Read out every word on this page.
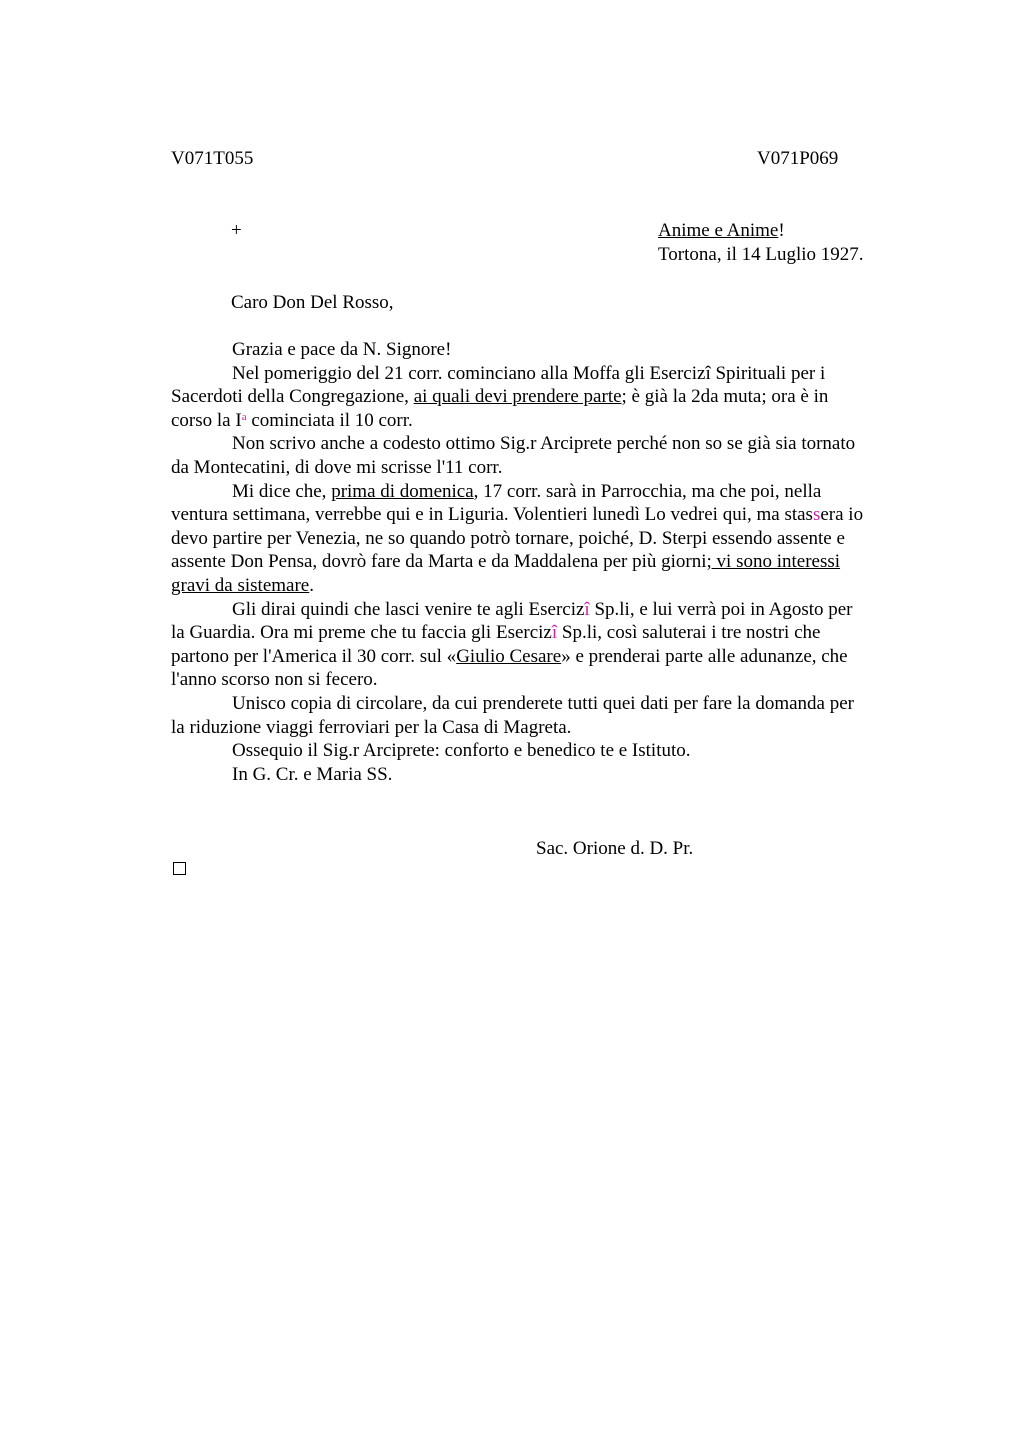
V071T055	V071P069
+	Anime e Anime!
Tortona, il 14 Luglio 1927.
Caro Don Del Rosso,

Grazia e pace da N. Signore!

Nel pomeriggio del 21 corr. cominciano alla Moffa gli Esercizî Spirituali per i
Sacerdoti della Congregazione, ai quali devi prendere parte; è già la 2da muta; ora è in
corso la $I^a$ cominciata il 10 corr.

Non scrivo anche a codesto ottimo Sig.r Arciprete perché non so se già sia tornato
da Montecatini, di dove mi scrisse l'11 corr.

Mi dice che, prima di domenica, 17 corr. sarà in Parrocchia, ma che poi, nella
ventura settimana, verrebbe qui e in Liguria. Volentieri lunedì Lo vedrei qui, ma stassera io
devo partire per Venezia, ne so quando potrò tornare, poiché, D. Sterpi essendo assente e
assente Don Pensa, dovrò fare da Marta e da Maddalena per più giorni; vi sono interessi
gravi da sistemare.

Gli dirai quindi che lasci venire te agli Esercizî Sp.li, e lui verrà poi in Agosto per
la Guardia. Ora mi preme che tu faccia gli Esercizî Sp.li, così saluterai i tre nostri che
partono per l'America il 30 corr. sul «Giulio Cesare» e prenderai parte alle adunanze, che
l'anno scorso non si fecero.

Unisco copia di circolare, da cui prenderete tutti quei dati per fare la domanda per
la riduzione viaggi ferroviari per la Casa di Magreta.

Ossequio il Sig.r Arciprete: conforto e benedico te e Istituto.

In G. Cr. e Maria SS.

Sac. Orione d. D. Pr.
